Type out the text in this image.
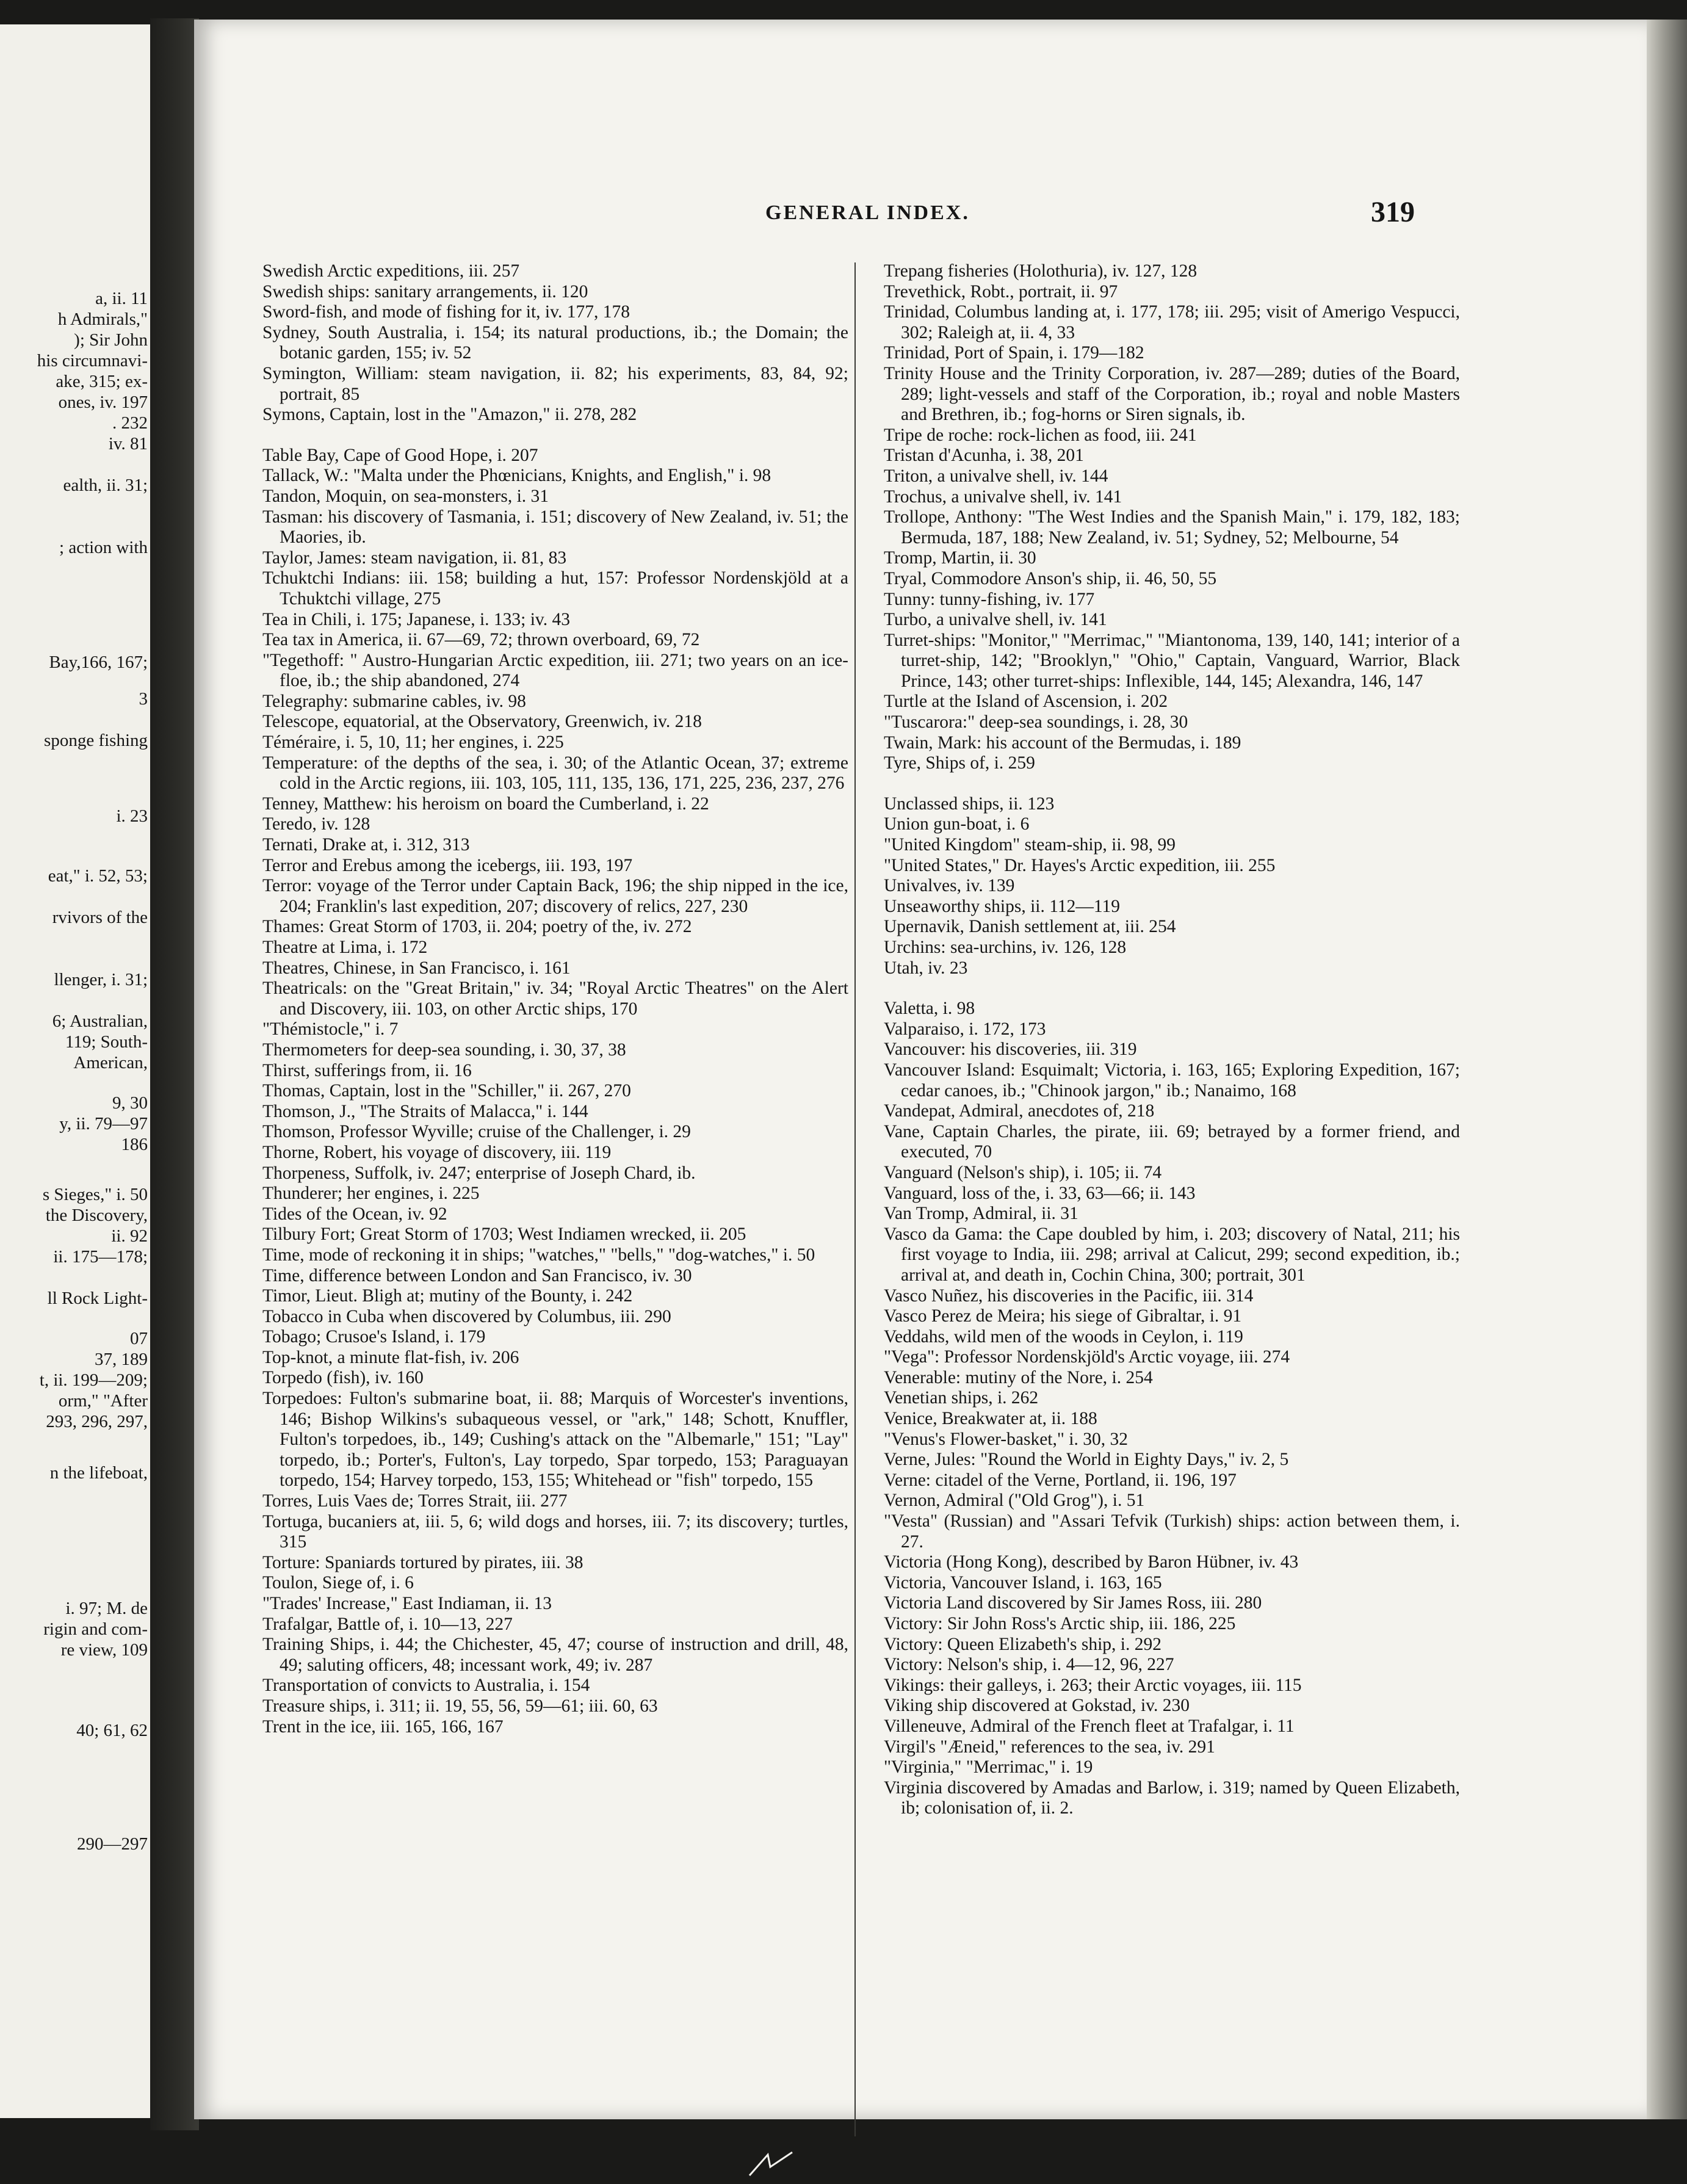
a, ii. 11
h Admirals,"
); Sir John
his circumnavi-
ake, 315; ex-
ones, iv. 197
. 232
iv. 81
ealth, ii. 31;
; action with
Bay,166, 167;
3
sponge fishing
i. 23
eat," i. 52, 53;
rvivors of the
llenger, i. 31;
6; Australian,
119; South-
American,
9, 30
y, ii. 79—97
186
s Sieges," i. 50
the Discovery,
ii. 92
ii. 175—178;
ll Rock Light-
07
37, 189
t, ii. 199—209;
orm," "After
293, 296, 297,
n the lifeboat,
i. 97; M. de
rigin and com-
re view, 109
40; 61, 62
290—297
GENERAL INDEX.	319
Swedish Arctic expeditions, iii. 257
Swedish ships: sanitary arrangements, ii. 120
Sword-fish, and mode of fishing for it, iv. 177, 178
Sydney, South Australia, i. 154; its natural productions, ib.; the Domain; the botanic garden, 155; iv. 52
Symington, William: steam navigation, ii. 82; his experiments, 83, 84, 92; portrait, 85
Symons, Captain, lost in the "Amazon," ii. 278, 282
Table Bay, Cape of Good Hope, i. 207
Tallack, W.: "Malta under the Phœnicians, Knights, and English," i. 98
Tandon, Moquin, on sea-monsters, i. 31
Tasman: his discovery of Tasmania, i. 151; discovery of New Zealand, iv. 51; the Maories, ib.
Taylor, James: steam navigation, ii. 81, 83
Tchuktchi Indians: iii. 158; building a hut, 157: Professor Nordenskjöld at a Tchuktchi village, 275
Tea in Chili, i. 175; Japanese, i. 133; iv. 43
Tea tax in America, ii. 67—69, 72; thrown overboard, 69, 72
"Tegethoff: " Austro-Hungarian Arctic expedition, iii. 271; two years on an ice-floe, ib.; the ship abandoned, 274
Telegraphy: submarine cables, iv. 98
Telescope, equatorial, at the Observatory, Greenwich, iv. 218
Téméraire, i. 5, 10, 11; her engines, i. 225
Temperature: of the depths of the sea, i. 30; of the Atlantic Ocean, 37; extreme cold in the Arctic regions, iii. 103, 105, 111, 135, 136, 171, 225, 236, 237, 276
Tenney, Matthew: his heroism on board the Cumberland, i. 22
Teredo, iv. 128
Ternati, Drake at, i. 312, 313
Terror and Erebus among the icebergs, iii. 193, 197
Terror: voyage of the Terror under Captain Back, 196; the ship nipped in the ice, 204; Franklin's last expedition, 207; discovery of relics, 227, 230
Thames: Great Storm of 1703, ii. 204; poetry of the, iv. 272
Theatre at Lima, i. 172
Theatres, Chinese, in San Francisco, i. 161
Theatricals: on the "Great Britain," iv. 34; "Royal Arctic Theatres" on the Alert and Discovery, iii. 103, on other Arctic ships, 170
"Thémistocle," i. 7
Thermometers for deep-sea sounding, i. 30, 37, 38
Thirst, sufferings from, ii. 16
Thomas, Captain, lost in the "Schiller," ii. 267, 270
Thomson, J., "The Straits of Malacca," i. 144
Thomson, Professor Wyville; cruise of the Challenger, i. 29
Thorne, Robert, his voyage of discovery, iii. 119
Thorpeness, Suffolk, iv. 247; enterprise of Joseph Chard, ib.
Thunderer; her engines, i. 225
Tides of the Ocean, iv. 92
Tilbury Fort; Great Storm of 1703; West Indiamen wrecked, ii. 205
Time, mode of reckoning it in ships; "watches," "bells," "dog-watches," i. 50
Time, difference between London and San Francisco, iv. 30
Timor, Lieut. Bligh at; mutiny of the Bounty, i. 242
Tobacco in Cuba when discovered by Columbus, iii. 290
Tobago; Crusoe's Island, i. 179
Top-knot, a minute flat-fish, iv. 206
Torpedo (fish), iv. 160
Torpedoes: Fulton's submarine boat, ii. 88; Marquis of Worcester's inventions, 146; Bishop Wilkins's subaqueous vessel, or "ark," 148; Schott, Knuffler, Fulton's torpedoes, ib., 149; Cushing's attack on the "Albemarle," 151; "Lay" torpedo, ib.; Porter's, Fulton's, Lay torpedo, Spar torpedo, 153; Paraguayan torpedo, 154; Harvey torpedo, 153, 155; Whitehead or "fish" torpedo, 155
Torres, Luis Vaes de; Torres Strait, iii. 277
Tortuga, bucaniers at, iii. 5, 6; wild dogs and horses, iii. 7; its discovery; turtles, 315
Torture: Spaniards tortured by pirates, iii. 38
Toulon, Siege of, i. 6
"Trades' Increase," East Indiaman, ii. 13
Trafalgar, Battle of, i. 10—13, 227
Training Ships, i. 44; the Chichester, 45, 47; course of instruction and drill, 48, 49; saluting officers, 48; incessant work, 49; iv. 287
Transportation of convicts to Australia, i. 154
Treasure ships, i. 311; ii. 19, 55, 56, 59—61; iii. 60, 63
Trent in the ice, iii. 165, 166, 167
Trepang fisheries (Holothuria), iv. 127, 128
Trevethick, Robt., portrait, ii. 97
Trinidad, Columbus landing at, i. 177, 178; iii. 295; visit of Amerigo Vespucci, 302; Raleigh at, ii. 4, 33
Trinidad, Port of Spain, i. 179—182
Trinity House and the Trinity Corporation, iv. 287—289; duties of the Board, 289; light-vessels and staff of the Corporation, ib.; royal and noble Masters and Brethren, ib.; fog-horns or Siren signals, ib.
Tripe de roche: rock-lichen as food, iii. 241
Tristan d'Acunha, i. 38, 201
Triton, a univalve shell, iv. 144
Trochus, a univalve shell, iv. 141
Trollope, Anthony: "The West Indies and the Spanish Main," i. 179, 182, 183; Bermuda, 187, 188; New Zealand, iv. 51; Sydney, 52; Melbourne, 54
Tromp, Martin, ii. 30
Tryal, Commodore Anson's ship, ii. 46, 50, 55
Tunny: tunny-fishing, iv. 177
Turbo, a univalve shell, iv. 141
Turret-ships: "Monitor," "Merrimac," "Miantonoma, 139, 140, 141; interior of a turret-ship, 142; "Brooklyn," "Ohio," Captain, Vanguard, Warrior, Black Prince, 143; other turret-ships: Inflexible, 144, 145; Alexandra, 146, 147
Turtle at the Island of Ascension, i. 202
"Tuscarora:" deep-sea soundings, i. 28, 30
Twain, Mark: his account of the Bermudas, i. 189
Tyre, Ships of, i. 259
Unclassed ships, ii. 123
Union gun-boat, i. 6
"United Kingdom" steam-ship, ii. 98, 99
"United States," Dr. Hayes's Arctic expedition, iii. 255
Univalves, iv. 139
Unseaworthy ships, ii. 112—119
Upernavik, Danish settlement at, iii. 254
Urchins: sea-urchins, iv. 126, 128
Utah, iv. 23
Valetta, i. 98
Valparaiso, i. 172, 173
Vancouver: his discoveries, iii. 319
Vancouver Island: Esquimalt; Victoria, i. 163, 165; Exploring Expedition, 167; cedar canoes, ib.; "Chinook jargon," ib.; Nanaimo, 168
Vandepat, Admiral, anecdotes of, 218
Vane, Captain Charles, the pirate, iii. 69; betrayed by a former friend, and executed, 70
Vanguard (Nelson's ship), i. 105; ii. 74
Vanguard, loss of the, i. 33, 63—66; ii. 143
Van Tromp, Admiral, ii. 31
Vasco da Gama: the Cape doubled by him, i. 203; discovery of Natal, 211; his first voyage to India, iii. 298; arrival at Calicut, 299; second expedition, ib.; arrival at, and death in, Cochin China, 300; portrait, 301
Vasco Nuñez, his discoveries in the Pacific, iii. 314
Vasco Perez de Meira; his siege of Gibraltar, i. 91
Veddahs, wild men of the woods in Ceylon, i. 119
"Vega": Professor Nordenskjöld's Arctic voyage, iii. 274
Venerable: mutiny of the Nore, i. 254
Venetian ships, i. 262
Venice, Breakwater at, ii. 188
"Venus's Flower-basket," i. 30, 32
Verne, Jules: "Round the World in Eighty Days," iv. 2, 5
Verne: citadel of the Verne, Portland, ii. 196, 197
Vernon, Admiral ("Old Grog"), i. 51
"Vesta" (Russian) and "Assari Tefvik (Turkish) ships: action between them, i. 27.
Victoria (Hong Kong), described by Baron Hübner, iv. 43
Victoria, Vancouver Island, i. 163, 165
Victoria Land discovered by Sir James Ross, iii. 280
Victory: Sir John Ross's Arctic ship, iii. 186, 225
Victory: Queen Elizabeth's ship, i. 292
Victory: Nelson's ship, i. 4—12, 96, 227
Vikings: their galleys, i. 263; their Arctic voyages, iii. 115
Viking ship discovered at Gokstad, iv. 230
Villeneuve, Admiral of the French fleet at Trafalgar, i. 11
Virgil's "Æneid," references to the sea, iv. 291
"Virginia," "Merrimac," i. 19
Virginia discovered by Amadas and Barlow, i. 319; named by Queen Elizabeth, ib; colonisation of, ii. 2.
